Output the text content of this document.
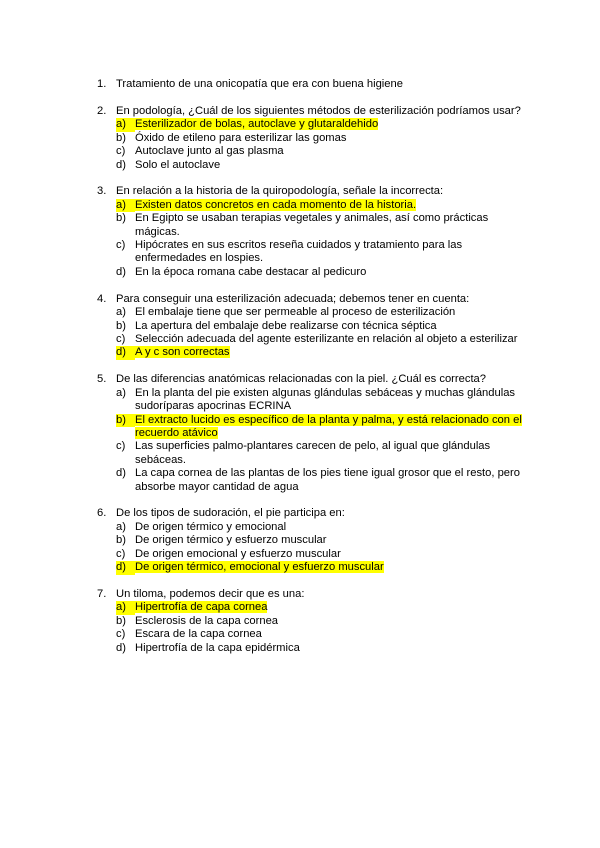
1. Tratamiento de una onicopatía que era con buena higiene
2. En podología, ¿Cuál de los siguientes métodos de esterilización podríamos usar?
a) Esterilizador de bolas, autoclave y glutaraldehido
b) Óxido de etileno para esterilizar las gomas
c) Autoclave junto al gas plasma
d) Solo el autoclave
3. En relación a la historia de la quiropodología, señale la incorrecta:
a) Existen datos concretos en cada momento de la historia.
b) En Egipto se usaban terapias vegetales y animales, así como prácticas mágicas.
c) Hipócrates en sus escritos reseña cuidados y tratamiento para las enfermedades en lospies.
d) En la época romana cabe destacar al pedicuro
4. Para conseguir una esterilización adecuada; debemos tener en cuenta:
a) El embalaje tiene que ser permeable al proceso de esterilización
b) La apertura del embalaje debe realizarse con técnica séptica
c) Selección adecuada del agente esterilizante en relación al objeto a esterilizar
d) A y c son correctas
5. De las diferencias anatómicas relacionadas con la piel. ¿Cuál es correcta?
a) En la planta del pie existen algunas glándulas sebáceas y muchas glándulas sudoríparas apocrinas ECRINA
b) El extracto lucido es específico de la planta y palma, y está relacionado con el recuerdo atávico
c) Las superficies palmo-plantares carecen de pelo, al igual que glándulas sebáceas.
d) La capa cornea de las plantas de los pies tiene igual grosor que el resto, pero absorbe mayor cantidad de agua
6. De los tipos de sudoración, el pie participa en:
a) De origen térmico y emocional
b) De origen térmico y esfuerzo muscular
c) De origen emocional y esfuerzo muscular
d) De origen térmico, emocional y esfuerzo muscular
7. Un tiloma, podemos decir que es una:
a) Hipertrofía de capa cornea
b) Esclerosis de la capa cornea
c) Escara de la capa cornea
d) Hipertrofía de la capa epidérmica
